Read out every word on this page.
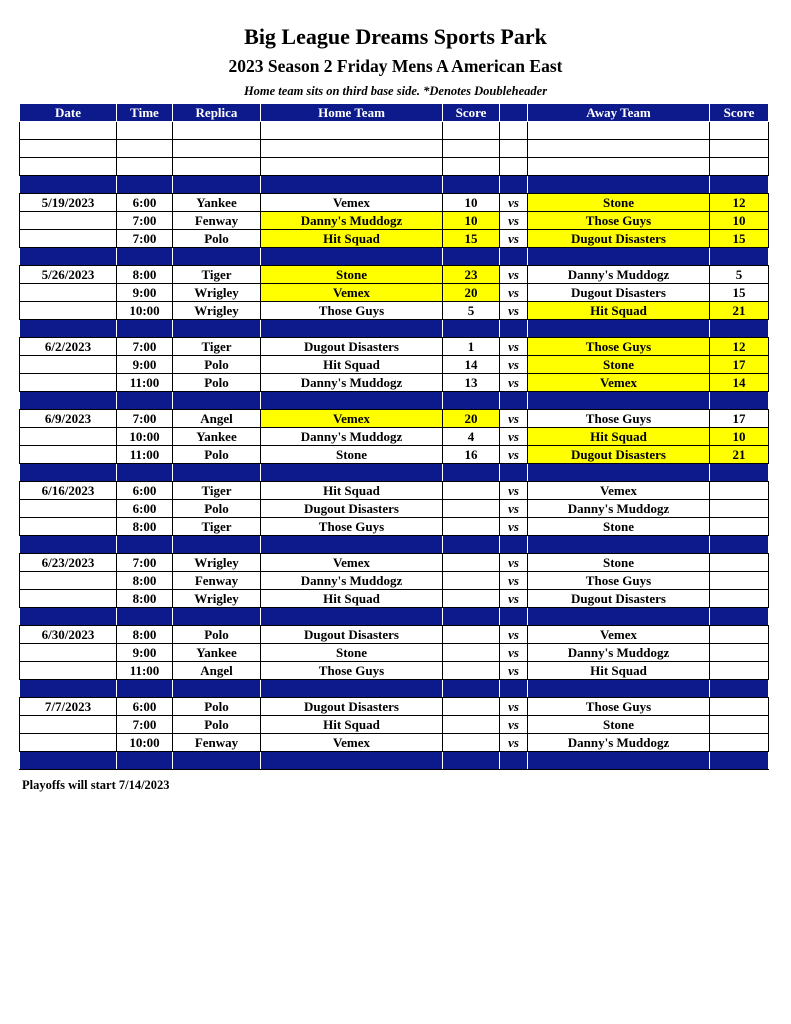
Big League Dreams Sports Park
2023 Season 2 Friday Mens A American East
Home team sits on third base side. *Denotes Doubleheader
Date	Time	Replica	Home Team	Score		Away Team	Score

5/19/2023	6:00	Yankee	Vemex	10	vs	Stone	12
	7:00	Fenway	Danny's Muddogz	10	vs	Those Guys	10
	7:00	Polo	Hit Squad	15	vs	Dugout Disasters	15

5/26/2023	8:00	Tiger	Stone	23	vs	Danny's Muddogz	5
	9:00	Wrigley	Vemex	20	vs	Dugout Disasters	15
	10:00	Wrigley	Those Guys	5	vs	Hit Squad	21

6/2/2023	7:00	Tiger	Dugout Disasters	1	vs	Those Guys	12
	9:00	Polo	Hit Squad	14	vs	Stone	17
	11:00	Polo	Danny's Muddogz	13	vs	Vemex	14

6/9/2023	7:00	Angel	Vemex	20	vs	Those Guys	17
	10:00	Yankee	Danny's Muddogz	4	vs	Hit Squad	10
	11:00	Polo	Stone	16	vs	Dugout Disasters	21

6/16/2023	6:00	Tiger	Hit Squad		vs	Vemex	
	6:00	Polo	Dugout Disasters		vs	Danny's Muddogz	
	8:00	Tiger	Those Guys		vs	Stone	

6/23/2023	7:00	Wrigley	Vemex		vs	Stone	
	8:00	Fenway	Danny's Muddogz		vs	Those Guys	
	8:00	Wrigley	Hit Squad		vs	Dugout Disasters	

6/30/2023	8:00	Polo	Dugout Disasters		vs	Vemex	
	9:00	Yankee	Stone		vs	Danny's Muddogz	
	11:00	Angel	Those Guys		vs	Hit Squad	

7/7/2023	6:00	Polo	Dugout Disasters		vs	Those Guys	
	7:00	Polo	Hit Squad		vs	Stone	
	10:00	Fenway	Vemex		vs	Danny's Muddogz	

Playoffs will start 7/14/2023
